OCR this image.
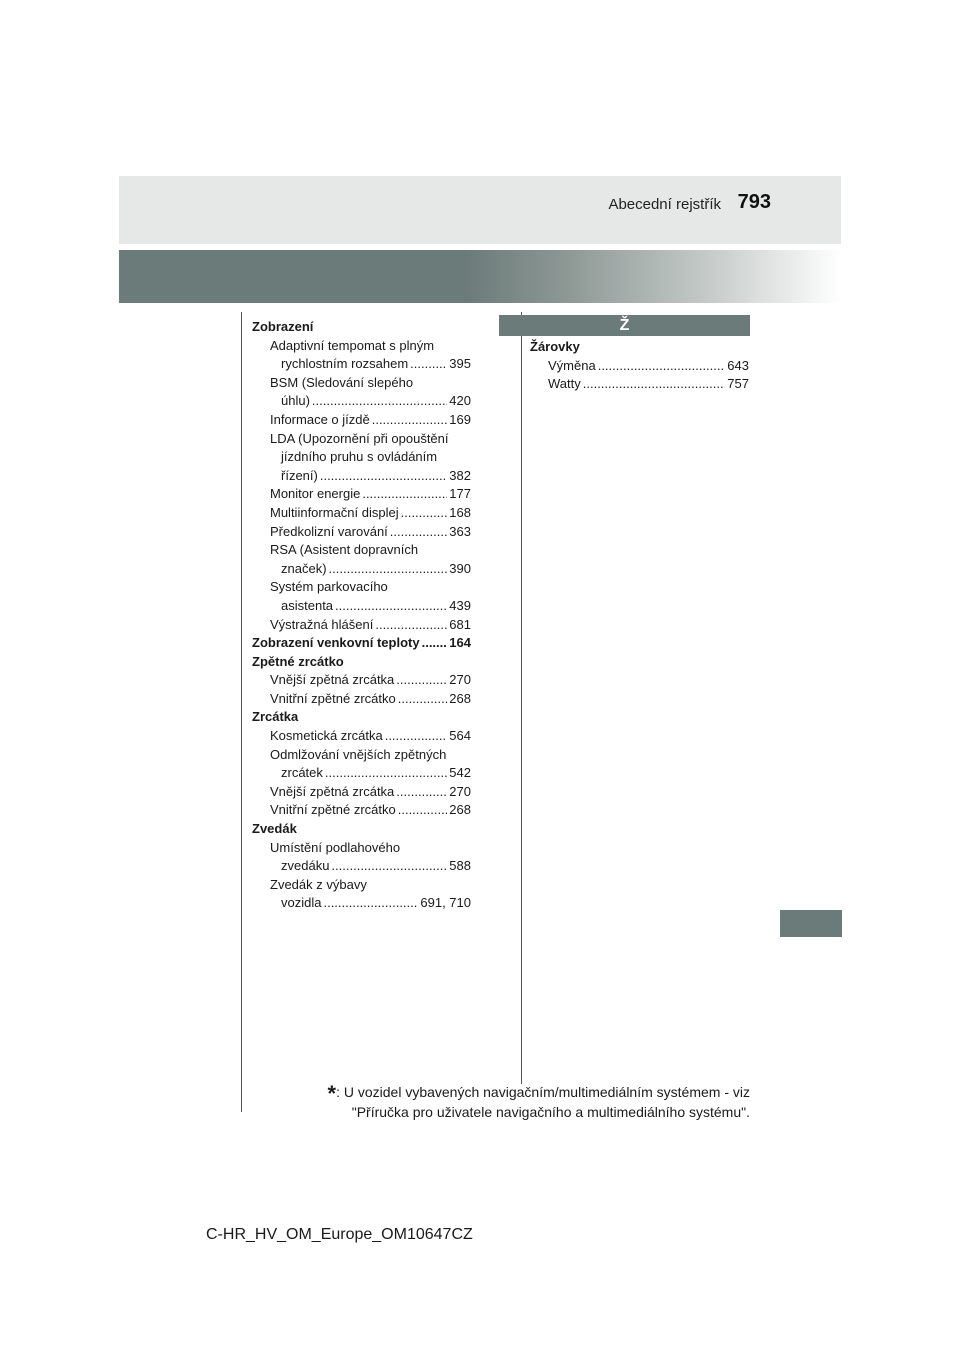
Abecední rejstřík 793
Zobrazení
Adaptivní tempomat s plným
rychlostním rozsahem .....	395
BSM (Sledování slepého
úhlu) .....	420
Informace o jízdě .....	169
LDA (Upozornění při opouštění
jízdního pruhu s ovládáním
řízení) .....	382
Monitor energie .....	177
Multiinformační displej .....	168
Předkolizní varování .....	363
RSA (Asistent dopravních
značek) .....	390
Systém parkovacího
asistenta .....	439
Výstražná hlášení .....	681
Zobrazení venkovní teploty ..... 164
Zpětné zrcátko
Vnější zpětná zrcátka .....	270
Vnitřní zpětné zrcátko .....	268
Zrcátka
Kosmetická zrcátka .....	564
Odmlžování vnějších zpětných
zrcátek .....	542
Vnější zpětná zrcátka .....	270
Vnitřní zpětné zrcátko .....	268
Zvedák
Umístění podlahového
zvedáku .....	588
Zvedák z výbavy
vozidla .....	691, 710
Ž
Žárovky
Výměna .....	643
Watty .....	757
*: U vozidel vybavených navigačním/multimediálním systémem - viz
"Příručka pro uživatele navigačního a multimediálního systému".
C-HR_HV_OM_Europe_OM10647CZ
